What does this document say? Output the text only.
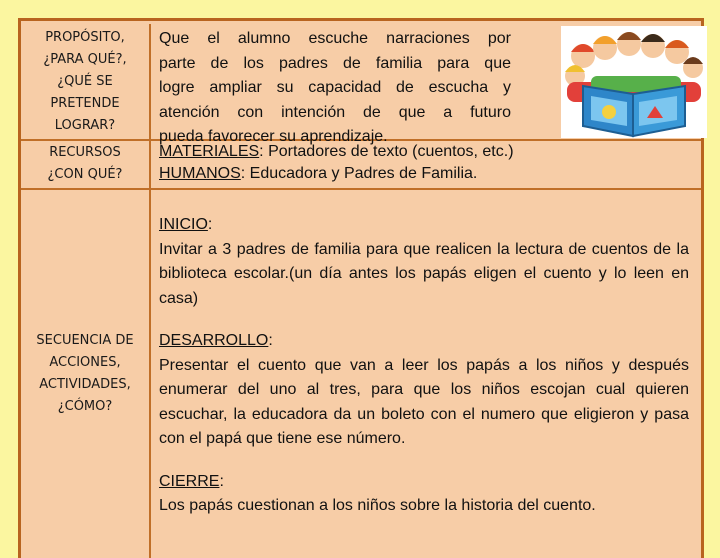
PROPÓSITO,
¿PARA QUÉ?,
¿QUÉ SE
PRETENDE
LOGRAR?
Que el alumno escuche narraciones por
parte de los padres de familia para que
logre ampliar su capacidad de escucha y
atención con intención de que a futuro
pueda favorecer su aprendizaje.
RECURSOS
¿CON QUÉ?
MATERIALES: Portadores de texto (cuentos, etc.)
HUMANOS: Educadora y Padres de Familia.
SECUENCIA DE
ACCIONES,
ACTIVIDADES,
¿CÓMO?
INICIO:
Invitar a 3 padres de familia para que realicen la lectura de cuentos de la biblioteca escolar.(un día antes los papás eligen el cuento y lo leen en casa)
DESARROLLO:
Presentar el cuento que van a leer los papás a los niños y después enumerar del uno al tres, para que los niños escojan cual quieren escuchar, la educadora da un boleto con el numero que eligieron y pasa con el papá que tiene ese número.
CIERRE:
Los papás cuestionan a los niños sobre la historia del cuento.
